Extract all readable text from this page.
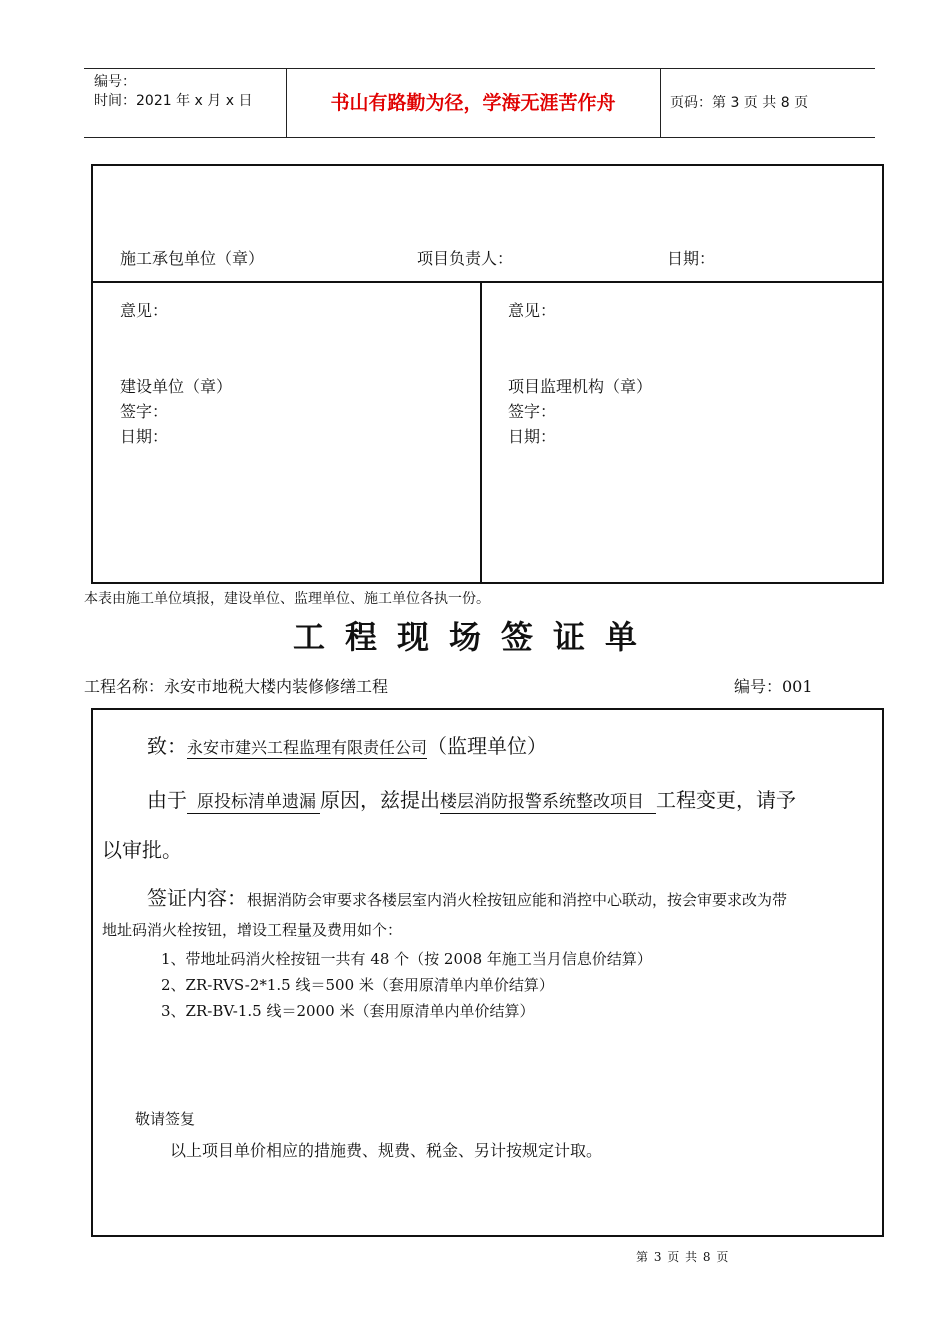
编号：
时间：2021 年 x 月 x 日	书山有路勤为径，学海无涯苦作舟	页码：第 3 页 共 8 页
施工承包单位（章）	项目负责人：	日期：
意见：
建设单位（章）
签字：
日期：
意见：
项目监理机构（章）
签字：
日期：
本表由施工单位填报，建设单位、监理单位、施工单位各执一份。
工程现场签证单
工程名称：永安市地税大楼内装修修缮工程	编号：001
致：永安市建兴工程监理有限责任公司（监理单位）
由于 原投标清单遗漏 原因，兹提出楼层消防报警系统整改项目 工程变更，请予
以审批。
签证内容：根据消防会审要求各楼层室内消火栓按钮应能和消控中心联动，按会审要求改为带
地址码消火栓按钮，增设工程量及费用如个：
1、带地址码消火栓按钮一共有 48 个（按 2008 年施工当月信息价结算）
2、ZR-RVS-2*1.5 线＝500 米（套用原清单内单价结算）
3、ZR-BV-1.5 线＝2000 米（套用原清单内单价结算）
敬请签复
以上项目单价相应的措施费、规费、税金、另计按规定计取。
第 3 页 共 8 页
